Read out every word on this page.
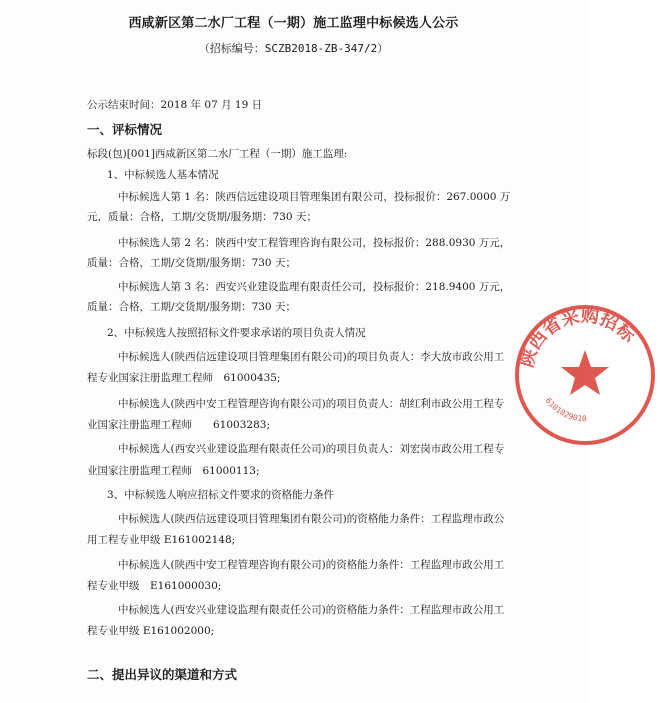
西咸新区第二水厂工程（一期）施工监理中标候选人公示
（招标编号：SCZB2018-ZB-347/2）
公示结束时间：2018 年 07 月 19 日
一、评标情况
标段(包)[001]西咸新区第二水厂工程（一期）施工监理:
1、中标候选人基本情况
中标候选人第 1 名：陕西信远建设项目管理集团有限公司，投标报价：267.0000 万
元，质量：合格，工期/交货期/服务期：730 天；
中标候选人第 2 名：陕西中安工程管理咨询有限公司，投标报价：288.0930 万元，
质量：合格，工期/交货期/服务期：730 天；
中标候选人第 3 名：西安兴业建设监理有限责任公司，投标报价：218.9400 万元，
质量：合格，工期/交货期/服务期：730 天；
2、中标候选人按照招标文件要求承诺的项目负责人情况
中标候选人(陕西信远建设项目管理集团有限公司)的项目负责人：李大放市政公用工
程专业国家注册监理工程师　61000435;
中标候选人(陕西中安工程管理咨询有限公司)的项目负责人：胡红利市政公用工程专
业国家注册监理工程师　　61003283;
中标候选人(西安兴业建设监理有限责任公司)的项目负责人：刘宏岗市政公用工程专
业国家注册监理工程师　61000113;
3、中标候选人响应招标文件要求的资格能力条件
中标候选人(陕西信远建设项目管理集团有限公司)的资格能力条件：工程监理市政公
用工程专业甲级 E161002148;
中标候选人(陕西中安工程管理咨询有限公司)的资格能力条件：工程监理市政公用工
程专业甲级　E161000030;
中标候选人(西安兴业建设监理有限责任公司)的资格能力条件：工程监理市政公用工
程专业甲级 E161002000;
二、提出异议的渠道和方式
陕西省采购招标
6101029010
